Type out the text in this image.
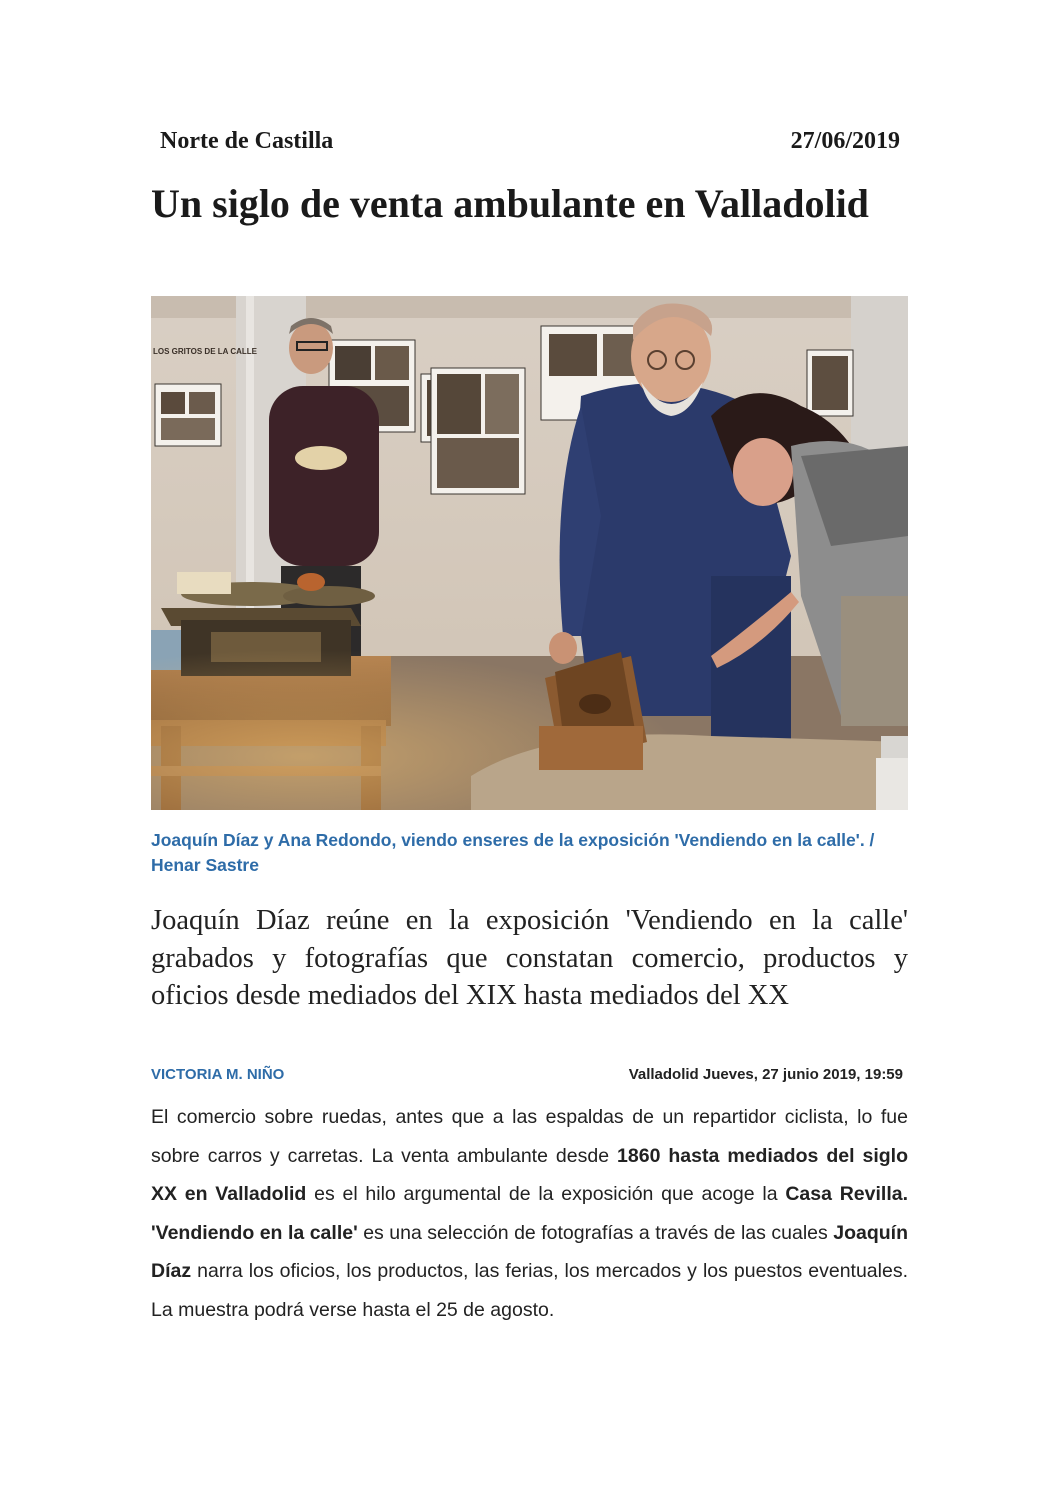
Norte de Castilla	27/06/2019
Un siglo de venta ambulante en Valladolid
LOS GRITOS DE LA CALLE

Joaquín Díaz y Ana Redondo, viendo enseres de la exposición 'Vendiendo en la calle'. / Henar Sastre

Joaquín Díaz reúne en la exposición 'Vendiendo en la calle' grabados y fotografías que constatan comercio, productos y oficios desde mediados del XIX hasta mediados del XX

VICTORIA M. NIÑO	Valladolid Jueves, 27 junio 2019, 19:59

El comercio sobre ruedas, antes que a las espaldas de un repartidor ciclista, lo fue sobre carros y carretas. La venta ambulante desde 1860 hasta mediados del siglo XX en Valladolid es el hilo argumental de la exposición que acoge la Casa Revilla. 'Vendiendo en la calle' es una selección de fotografías a través de las cuales Joaquín Díaz narra los oficios, los productos, las ferias, los mercados y los puestos eventuales. La muestra podrá verse hasta el 25 de agosto.
